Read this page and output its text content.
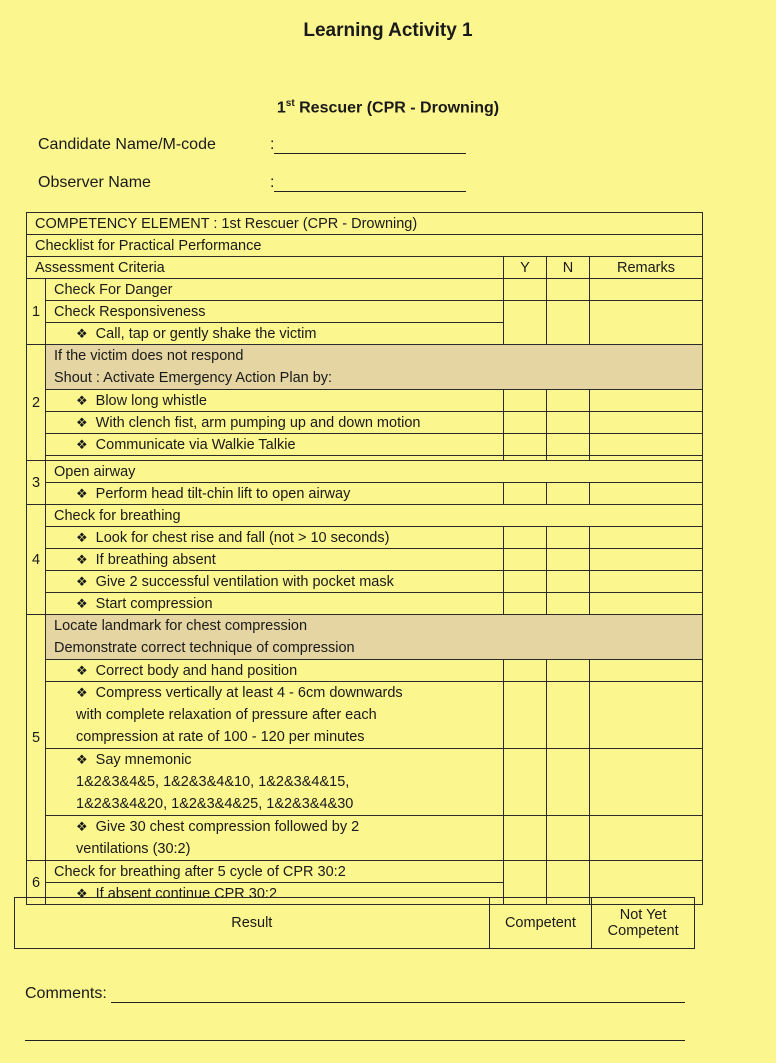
Learning Activity 1
1st Rescuer (CPR - Drowning)
Candidate Name/M-code	:
Observer Name	:
COMPETENCY ELEMENT : 1st Rescuer (CPR - Drowning)				
Checklist for Practical Performance				
Assessment Criteria		Y	N	Remarks
1	Check For Danger			
	Check Responsiveness			
	❖ Call, tap or gently shake the victim			
2	If the victim does not respond
Shout : Activate Emergency Action Plan by:			
	❖ Blow long whistle			
	❖ With clench fist, arm pumping up and down motion			
	❖ Communicate via Walkie Talkie			

3	Open airway			
	❖ Perform head tilt-chin lift to open airway			
4	Check for breathing			
	❖ Look for chest rise and fall (not > 10 seconds)			
	❖ If breathing absent			
	❖ Give 2 successful ventilation with pocket mask			
	❖ Start compression			
5	Locate landmark for chest compression
Demonstrate correct technique of compression			
	❖ Correct body and hand position			
	❖ Compress vertically at least 4 - 6cm downwards
with complete relaxation of pressure after each
compression at rate of 100 - 120 per minutes			
	❖ Say mnemonic
1&2&3&4&5, 1&2&3&4&10, 1&2&3&4&15,
1&2&3&4&20, 1&2&3&4&25, 1&2&3&4&30			
	❖ Give 30 chest compression followed by 2
ventilations (30:2)			
6	Check for breathing after 5 cycle of CPR 30:2			
	❖ If absent continue CPR 30:2			
Result	Competent	Not Yet
Competent
Comments:
